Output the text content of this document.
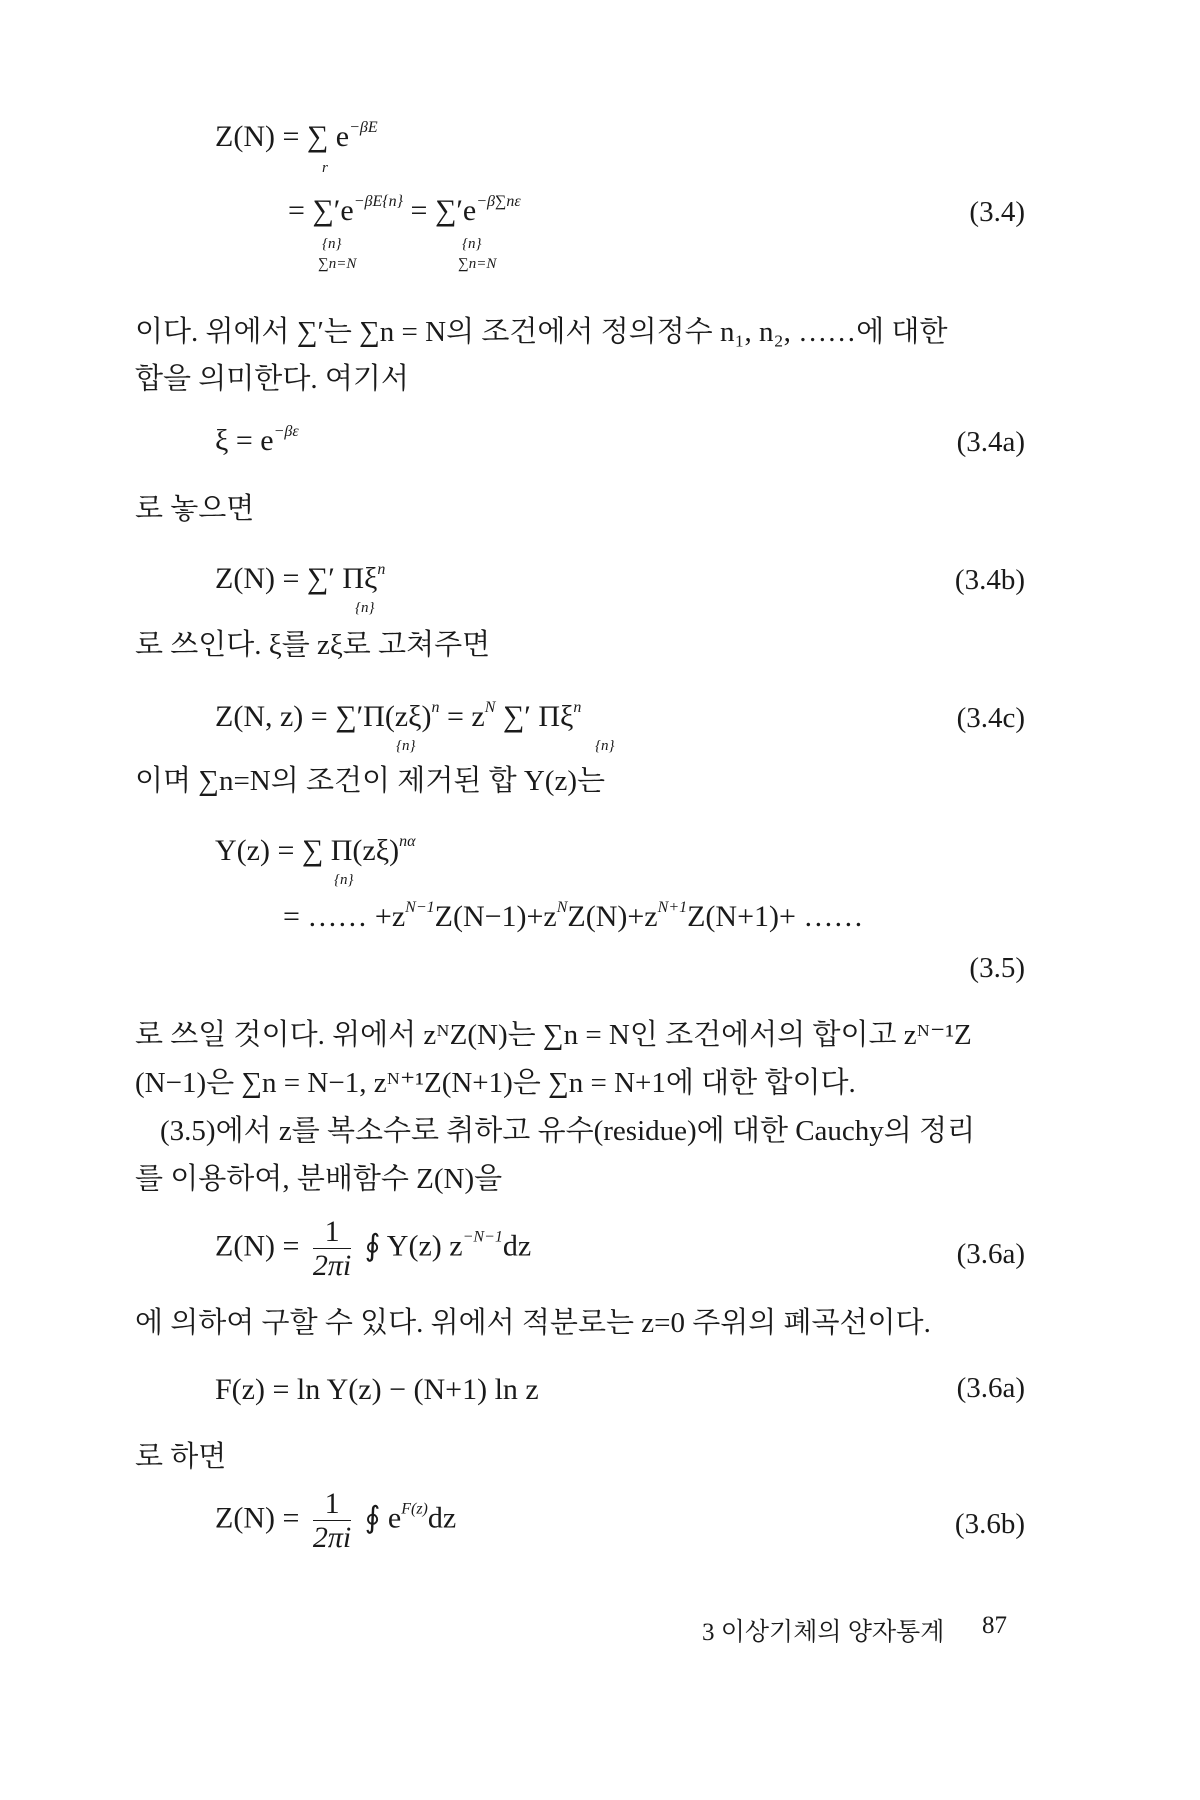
Z(N) = ∑ $e^{-\beta E}$
r
= $\sum'e^{-\beta E\{n\}} = \sum'e^{-\beta\sum n\varepsilon}$
{n}	{n}
∑n=N	∑n=N
(3.4)
이다. 위에서 ∑′는 ∑n = N의 조건에서 정의정수 n₁, n₂, ……에 대한
합을 의미한다. 여기서
$\xi = e^{-\beta\varepsilon}$	(3.4a)
로 놓으면
Z(N) = ∑′ $\Pi\xi^n$
{n}
(3.4b)
로 쓰인다. ξ를 zξ로 고쳐주면
Z(N, $z) = \sum'\Pi(z\xi)^n = z^N$ ∑′ $\Pi\xi^n$
{n}	{n}
(3.4c)
이며 ∑n=N의 조건이 제거된 합 Y(z)는
Y(z) = ∑ $\Pi(z\xi)^{n\alpha}$
{n}
= …… $+z^{N-1}Z(N-1)+z^NZ(N)+z^{N+1}Z(N+1)+$ ……
(3.5)
로 쓰일 것이다. 위에서 zᴺZ(N)는 ∑n = N인 조건에서의 합이고 zᴺ⁻¹Z
(N−1)은 ∑n = N−1, zᴺ⁺¹Z(N+1)은 ∑n = N+1에 대한 합이다.
(3.5)에서 z를 복소수로 취하고 유수(residue)에 대한 Cauchy의 정리
를 이용하여, 분배함수 Z(N)을
$Z(N) = \frac{1}{2\pi i}$ ∮ Y(z) $z^{-N-1}dz$	(3.6a)
에 의하여 구할 수 있다. 위에서 적분로는 z=0 주위의 폐곡선이다.
F(z) = ln Y(z) − (N+1) ln z	(3.6a)
로 하면
$Z(N) = \frac{1}{2\pi i}$ ∮ $e^{F(z)}dz$	(3.6b)
3 이상기체의 양자통계 87
